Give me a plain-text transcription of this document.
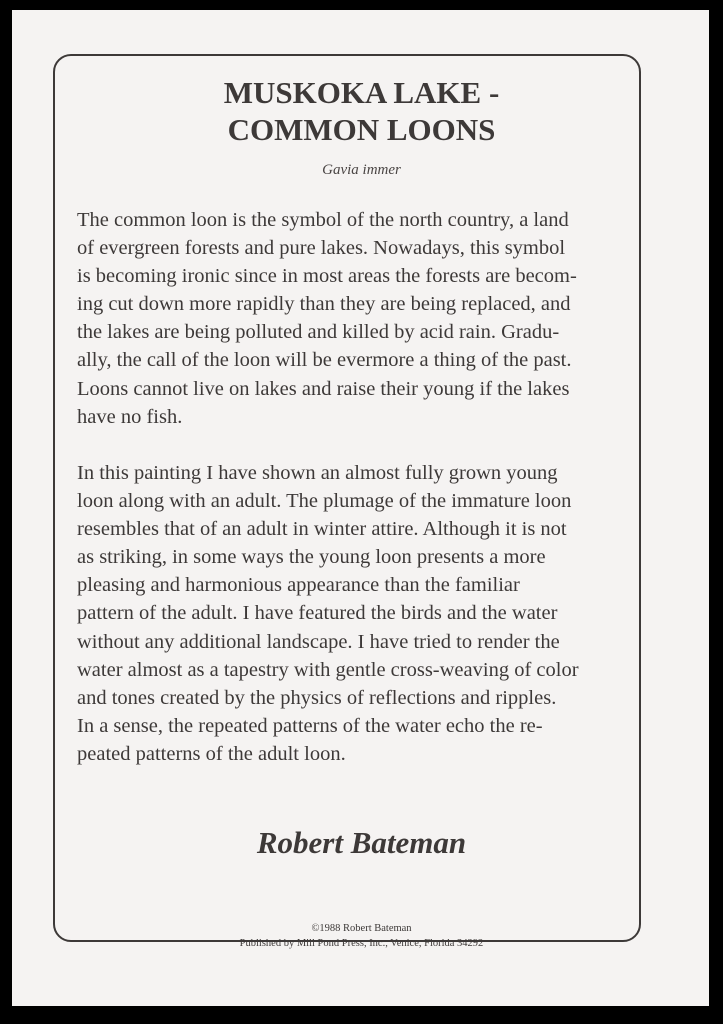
MUSKOKA LAKE -
COMMON LOONS

Gavia immer

The common loon is the symbol of the north country, a land
of evergreen forests and pure lakes. Nowadays, this symbol
is becoming ironic since in most areas the forests are becom-
ing cut down more rapidly than they are being replaced, and
the lakes are being polluted and killed by acid rain. Gradu-
ally, the call of the loon will be evermore a thing of the past.
Loons cannot live on lakes and raise their young if the lakes
have no fish.

In this painting I have shown an almost fully grown young
loon along with an adult. The plumage of the immature loon
resembles that of an adult in winter attire. Although it is not
as striking, in some ways the young loon presents a more
pleasing and harmonious appearance than the familiar
pattern of the adult. I have featured the birds and the water
without any additional landscape. I have tried to render the
water almost as a tapestry with gentle cross-weaving of color
and tones created by the physics of reflections and ripples.
In a sense, the repeated patterns of the water echo the re-
peated patterns of the adult loon.

Robert Bateman

©1988 Robert Bateman

Published by Mill Pond Press, Inc., Venice, Florida 34292
